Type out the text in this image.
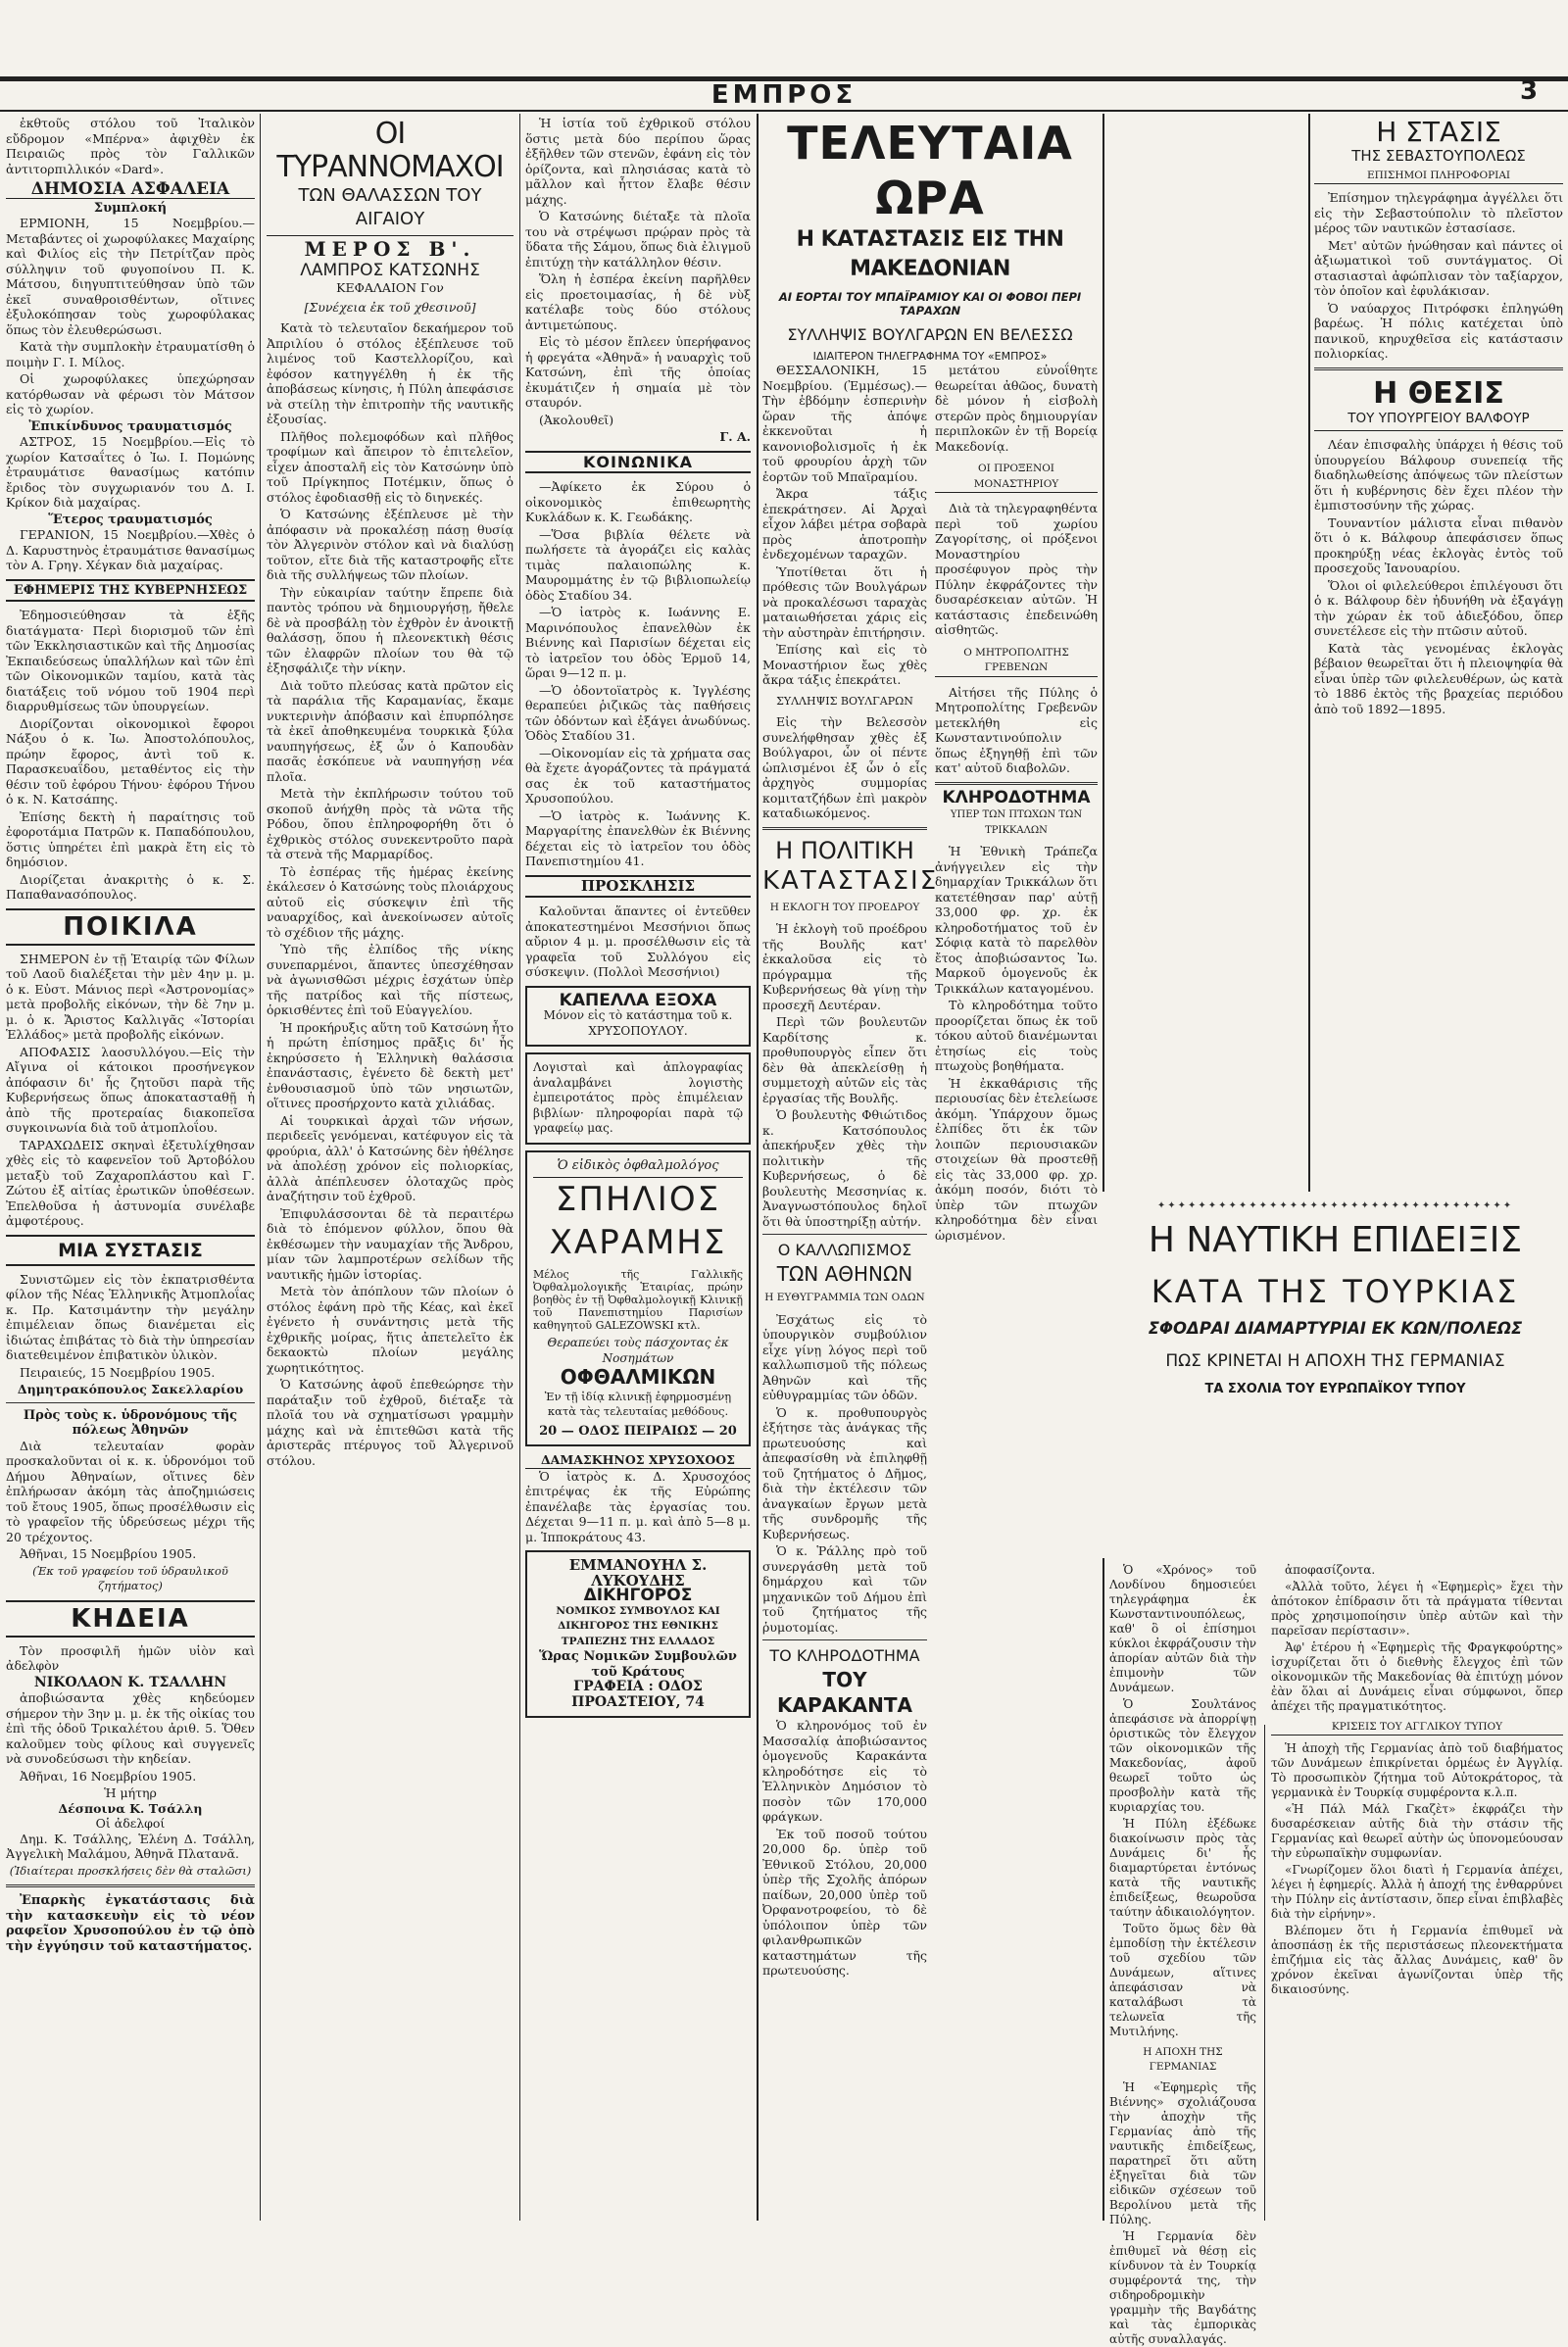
ΕΜΠΡΟΣ	3

ἐκθτοῦς στόλου τοῦ Ἰταλικὸν εὔδρομον «Μπέρνα» ἀφιχθὲν ἐκ Πειραιῶς πρὸς τὸν Γαλλικῶν ἀντιτορπιλλικόν «Dard».

ΔΗΜΟΣΙΑ ΑΣΦΑΛΕΙΑ
Συμπλοκή

ΕΡΜΙΟΝΗ, 15 Νοεμβρίου.—Μεταβάντες οἱ χωροφύλακες Μαχαίρης καὶ Φιλίος εἰς τὴν Πετρίτζαν πρὸς σύλληψιν τοῦ φυγοποίνου Π. Κ. Μάτσου, διηγυπτιτεύθησαν ὑπὸ τῶν ἐκεῖ συναθροισθέντων, οἵτινες ἐξυλοκόπησαν τοὺς χωροφύλακας ὅπως τὸν ἐλευθερώσωσι.

Κατὰ τὴν συμπλοκὴν ἐτραυματίσθη ὁ ποιμὴν Γ. Ι. Μίλος.

Οἱ χωροφύλακες ὑπεχώρησαν κατόρθωσαν νὰ φέρωσι τὸν Μάτσον εἰς τὸ χωρίον.

Ἐπικίνδυνος τραυματισμός

ΑΣΤΡΟΣ, 15 Νοεμβρίου.—Εἰς τὸ χωρίον Κατσαΐτες ὁ Ἰω. Ι. Πομώνης ἐτραυμάτισε θανασίμως κατόπιν ἔριδος τὸν συγχωριανόν του Δ. Ι. Κρίκον διὰ μαχαίρας.

Ἕτερος τραυματισμός

ΓΕΡΑΝΙΟΝ, 15 Νοεμβρίου.—Χθὲς ὁ Δ. Καρυστηνὸς ἐτραυμάτισε θανασίμως τὸν Α. Γρηγ. Χέγκαν διὰ μαχαίρας.

ΕΦΗΜΕΡΙΣ ΤΗΣ ΚΥΒΕΡΝΗΣΕΩΣ

Ἐδημοσιεύθησαν τὰ ἑξῆς διατάγματα· Περὶ διορισμοῦ τῶν ἐπὶ τῶν Ἐκκλησιαστικῶν καὶ τῆς Δημοσίας Ἐκπαιδεύσεως ὑπαλλήλων καὶ τῶν ἐπὶ τῶν Οἰκονομικῶν ταμίου, κατὰ τὰς διατάξεις τοῦ νόμου τοῦ 1904 περὶ διαρρυθμίσεως τῶν ὑπουργείων.

Διορίζονται οἰκονομικοὶ ἔφοροι Νάξου ὁ κ. Ἰω. Ἀποστολόπουλος, πρώην ἔφορος, ἀντὶ τοῦ κ. Παρασκευαΐδου, μεταθέντος εἰς τὴν θέσιν τοῦ ἐφόρου Τήνου· ἐφόρου Τήνου ὁ κ. Ν. Κατσάπης.

Ἐπίσης δεκτὴ ἡ παραίτησις τοῦ ἐφοροτάμια Πατρῶν κ. Παπαδόπουλου, ὅστις ὑπηρέτει ἐπὶ μακρὰ ἔτη εἰς τὸ δημόσιον.

Διορίζεται ἀνακριτὴς ὁ κ. Σ. Παπαθανασόπουλος.

ΠΟΙΚΙΛΑ

ΣΗΜΕΡΟΝ ἐν τῇ Ἑταιρίᾳ τῶν Φίλων τοῦ Λαοῦ διαλέξεται τὴν μὲν 4ην μ. μ. ὁ κ. Εὐστ. Μάνιος περὶ «Ἀστρονομίας» μετὰ προβολῆς εἰκόνων, τὴν δὲ 7ην μ. μ. ὁ κ. Ἄριστος Καλλιγᾶς «Ἱστορίαι Ἑλλάδος» μετὰ προβολῆς εἰκόνων.

ΑΠΟΦΑΣΙΣ λαοσυλλόγου.—Εἰς τὴν Αἴγινα οἱ κάτοικοι προσήνεγκον ἀπόφασιν δι' ἧς ζητοῦσι παρὰ τῆς Κυβερνήσεως ὅπως ἀποκατασταθῇ ἡ ἀπὸ τῆς προτεραίας διακοπεῖσα συγκοινωνία διὰ τοῦ ἀτμοπλοΐου.

ΤΑΡΑΧΩΔΕΙΣ σκηναὶ ἐξετυλίχθησαν χθὲς εἰς τὸ καφενεῖον τοῦ Ἀρτοβόλου μεταξὺ τοῦ Ζαχαροπλάστου καὶ Γ. Ζώτου ἐξ αἰτίας ἐρωτικῶν ὑποθέσεων. Ἐπελθοῦσα ἡ ἀστυνομία συνέλαβε ἀμφοτέρους.

ΜΙΑ ΣΥΣΤΑΣΙΣ

Συνιστῶμεν εἰς τὸν ἐκπατρισθέντα φίλον τῆς Νέας Ἑλληνικῆς Ἀτμοπλοΐας κ. Πρ. Κατσιμάντην τὴν μεγάλην ἐπιμέλειαν ὅπως διανέμεται εἰς ἰδιώτας ἐπιβάτας τὸ διὰ τὴν ὑπηρεσίαν διατεθειμένον ἐπιβατικὸν ὑλικὸν.

Πειραιεύς, 15 Νοεμβρίου 1905.

Δημητρακόπουλος Σακελλαρίου
Πρὸς τοὺς κ. ὑδρονόμους τῆς πόλεως Ἀθηνῶν

Διὰ τελευταίαν φορὰν προσκαλοῦνται οἱ κ. κ. ὑδρονόμοι τοῦ Δήμου Ἀθηναίων, οἵτινες δὲν ἐπλήρωσαν ἀκόμη τὰς ἀποζημιώσεις τοῦ ἔτους 1905, ὅπως προσέλθωσιν εἰς τὸ γραφεῖον τῆς ὑδρεύσεως μέχρι τῆς 20 τρέχοντος.

Ἀθῆναι, 15 Νοεμβρίου 1905.

(Ἐκ τοῦ γραφείου τοῦ ὑδραυλικοῦ ζητήματος)
ΚΗΔΕΙΑ

Τὸν προσφιλῆ ἡμῶν υἱὸν καὶ ἀδελφὸν

ΝΙΚΟΛΑΟΝ Κ. ΤΣΑΛΛΗΝ

ἀποβιώσαντα χθὲς κηδεύομεν σήμερον τὴν 3ην μ. μ. ἐκ τῆς οἰκίας του ἐπὶ τῆς ὁδοῦ Τρικαλέτου ἀριθ. 5. Ὅθεν καλοῦμεν τοὺς φίλους καὶ συγγενεῖς νὰ συνοδεύσωσι τὴν κηδείαν.

Ἀθῆναι, 16 Νοεμβρίου 1905.

Ἡ μήτηρ
Δέσποινα Κ. Τσάλλη
Οἱ ἀδελφοί

Δημ. Κ. Τσάλλης, Ἑλένη Δ. Τσάλλη, Ἀγγελικὴ Μαλάμου, Ἀθηνᾶ Πλατανᾶ.

(Ἰδιαίτεραι προσκλήσεις δὲν θὰ σταλῶσι)

Ἐπαρκὴς ἐγκατάστασις διὰ τὴν κατασκευὴν εἰς τὸ νέον ραφεῖον Χρυσοπούλου ἐν τῷ ὀπὸ τὴν ἐγγύησιν τοῦ καταστήματος.

ΟΙ ΤΥΡΑΝΝΟΜΑΧΟΙ
ΤΩΝ ΘΑΛΑΣΣΩΝ ΤΟΥ ΑΙΓΑΙΟΥ
ΜΕΡΟΣ Β'.
ΛΑΜΠΡΟΣ ΚΑΤΣΩΝΗΣ
ΚΕΦΑΛΑΙΟΝ Γον
[Συνέχεια ἐκ τοῦ χθεσινοῦ]

Κατὰ τὸ τελευταῖον δεκαήμερον τοῦ Ἀπριλίου ὁ στόλος ἐξέπλευσε τοῦ λιμένος τοῦ Καστελλορίζου, καὶ ἐφόσον κατηγγέλθη ἡ ἐκ τῆς ἀποβάσεως κίνησις, ἡ Πύλη ἀπεφάσισε νὰ στείλῃ τὴν ἐπιτροπὴν τῆς ναυτικῆς ἐξουσίας.

Πλῆθος πολεμοφόδων καὶ πλῆθος τροφίμων καὶ ἄπειρον τὸ ἐπιτελεῖον, εἶχεν ἀποσταλῆ εἰς τὸν Κατσώνην ὑπὸ τοῦ Πρίγκηπος Ποτέμκιν, ὅπως ὁ στόλος ἐφοδιασθῇ εἰς τὸ διηνεκές.

Ὁ Κατσώνης ἐξέπλευσε μὲ τὴν ἀπόφασιν νὰ προκαλέσῃ πάσῃ θυσίᾳ τὸν Ἀλγερινὸν στόλον καὶ νὰ διαλύσῃ τοῦτον, εἴτε διὰ τῆς καταστροφῆς εἴτε διὰ τῆς συλλήψεως τῶν πλοίων.

Τὴν εὐκαιρίαν ταύτην ἔπρεπε διὰ παντὸς τρόπου νὰ δημιουργήσῃ, ἤθελε δὲ νὰ προσβάλῃ τὸν ἐχθρὸν ἐν ἀνοικτῇ θαλάσσῃ, ὅπου ἡ πλεονεκτικὴ θέσις τῶν ἐλαφρῶν πλοίων του θὰ τῷ ἐξησφάλιζε τὴν νίκην.

Διὰ τοῦτο πλεύσας κατὰ πρῶτον εἰς τὰ παράλια τῆς Καραμανίας, ἔκαμε νυκτερινὴν ἀπόβασιν καὶ ἐπυρπόλησε τὰ ἐκεῖ ἀποθηκευμένα τουρκικὰ ξύλα ναυπηγήσεως, ἐξ ὧν ὁ Καπουδὰν πασᾶς ἐσκόπευε νὰ ναυπηγήσῃ νέα πλοῖα.

Μετὰ τὴν ἐκπλήρωσιν τούτου τοῦ σκοποῦ ἀνήχθη πρὸς τὰ νῶτα τῆς Ρόδου, ὅπου ἐπληροφορήθη ὅτι ὁ ἐχθρικὸς στόλος συνεκεντροῦτο παρὰ τὰ στενὰ τῆς Μαρμαρίδος.

Τὸ ἐσπέρας τῆς ἡμέρας ἐκείνης ἐκάλεσεν ὁ Κατσώνης τοὺς πλοιάρχους αὐτοῦ εἰς σύσκεψιν ἐπὶ τῆς ναυαρχίδος, καὶ ἀνεκοίνωσεν αὐτοῖς τὸ σχέδιον τῆς μάχης.

Ὑπὸ τῆς ἐλπίδος τῆς νίκης συνεπαρμένοι, ἅπαντες ὑπεσχέθησαν νὰ ἀγωνισθῶσι μέχρις ἐσχάτων ὑπὲρ τῆς πατρίδος καὶ τῆς πίστεως, ὁρκισθέντες ἐπὶ τοῦ Εὐαγγελίου.

Ἡ προκήρυξις αὕτη τοῦ Κατσώνη ἦτο ἡ πρώτη ἐπίσημος πρᾶξις δι' ἧς ἐκηρύσσετο ἡ Ἑλληνικὴ θαλάσσια ἐπανάστασις, ἐγένετο δὲ δεκτὴ μετ' ἐνθουσιασμοῦ ὑπὸ τῶν νησιωτῶν, οἵτινες προσήρχοντο κατὰ χιλιάδας.

Αἱ τουρκικαὶ ἀρχαὶ τῶν νήσων, περιδεεῖς γενόμεναι, κατέφυγον εἰς τὰ φρούρια, ἀλλ' ὁ Κατσώνης δὲν ἠθέλησε νὰ ἀπολέσῃ χρόνον εἰς πολιορκίας, ἀλλὰ ἀπέπλευσεν ὁλοταχῶς πρὸς ἀναζήτησιν τοῦ ἐχθροῦ.

Ἐπιφυλάσσονται δὲ τὰ περαιτέρω διὰ τὸ ἑπόμενον φύλλον, ὅπου θὰ ἐκθέσωμεν τὴν ναυμαχίαν τῆς Ἄνδρου, μίαν τῶν λαμπροτέρων σελίδων τῆς ναυτικῆς ἡμῶν ἱστορίας.

Μετὰ τὸν ἀπόπλουν τῶν πλοίων ὁ στόλος ἐφάνη πρὸ τῆς Κέας, καὶ ἐκεῖ ἐγένετο ἡ συνάντησις μετὰ τῆς ἐχθρικῆς μοίρας, ἥτις ἀπετελεῖτο ἐκ δεκαοκτὼ πλοίων μεγάλης χωρητικότητος.

Ὁ Κατσώνης ἀφοῦ ἐπεθεώρησε τὴν παράταξιν τοῦ ἐχθροῦ, διέταξε τὰ πλοῖά του νὰ σχηματίσωσι γραμμὴν μάχης καὶ νὰ ἐπιτεθῶσι κατὰ τῆς ἀριστερᾶς πτέρυγος τοῦ Ἀλγερινοῦ στόλου.

Ἡ ἱστία τοῦ ἐχθρικοῦ στόλου ὅστις μετὰ δύο περίπου ὥρας ἐξῆλθεν τῶν στενῶν, ἐφάνη εἰς τὸν ὁρίζοντα, καὶ πλησιάσας κατὰ τὸ μᾶλλον καὶ ἧττον ἔλαβε θέσιν μάχης.

Ὁ Κατσώνης διέταξε τὰ πλοῖα του νὰ στρέψωσι πρῴραν πρὸς τὰ ὕδατα τῆς Σάμου, ὅπως διὰ ἐλιγμοῦ ἐπιτύχῃ τὴν κατάλληλον θέσιν.

Ὅλη ἡ ἐσπέρα ἐκείνη παρῆλθεν εἰς προετοιμασίας, ἡ δὲ νὺξ κατέλαβε τοὺς δύο στόλους ἀντιμετώπους.

Εἰς τὸ μέσον ἔπλεεν ὑπερήφανος ἡ φρεγάτα «Ἀθηνᾶ» ἡ ναυαρχὶς τοῦ Κατσώνη, ἐπὶ τῆς ὁποίας ἐκυμάτιζεν ἡ σημαία μὲ τὸν σταυρόν.

(Ἀκολουθεῖ)

Γ. Α.
ΚΟΙΝΩΝΙΚΑ

—Ἀφίκετο ἐκ Σύρου ὁ οἰκονομικὸς ἐπιθεωρητὴς Κυκλάδων κ. Κ. Γεωδάκης.

—Ὅσα βιβλία θέλετε νὰ πωλήσετε τὰ ἀγοράζει εἰς καλὰς τιμὰς παλαιοπώλης κ. Μαυρομμάτης ἐν τῷ βιβλιοπωλείῳ ὁδὸς Σταδίου 34.

—Ὁ ἰατρὸς κ. Ιωάννης Ε. Μαρινόπουλος ἐπανελθὼν ἐκ Βιέννης καὶ Παρισίων δέχεται εἰς τὸ ἰατρεῖον του ὁδὸς Ἑρμοῦ 14, ὥραι 9—12 π. μ.

—Ὁ ὀδοντοϊατρὸς κ. Ἰγγλέσης θεραπεύει ῥιζικῶς τὰς παθήσεις τῶν ὀδόντων καὶ ἐξάγει ἀνωδύνως. Ὁδὸς Σταδίου 31.

—Οἰκονομίαν εἰς τὰ χρήματα σας θὰ ἔχετε ἀγοράζοντες τὰ πράγματά σας ἐκ τοῦ καταστήματος Χρυσοπούλου.

—Ὁ ἰατρὸς κ. Ἰωάννης Κ. Μαργαρίτης ἐπανελθὼν ἐκ Βιέννης δέχεται εἰς τὸ ἰατρεῖον του ὁδὸς Πανεπιστημίου 41.

ΠΡΟΣΚΛΗΣΙΣ

Καλοῦνται ἅπαντες οἱ ἐντεῦθεν ἀποκατεστημένοι Μεσσήνιοι ὅπως αὔριον 4 μ. μ. προσέλθωσιν εἰς τὰ γραφεῖα τοῦ Συλλόγου εἰς σύσκεψιν. (Πολλοὶ Μεσσήνιοι)

ΚΑΠΕΛΛΑ ΕΞΟΧΑ
Μόνον εἰς τὸ κατάστημα τοῦ κ. ΧΡΥΣΟΠΟΥΛΟΥ.
Λογισταὶ καὶ ἀπλογραφίας ἀναλαμβάνει λογιστὴς ἐμπειροτάτος πρὸς ἐπιμέλειαν βιβλίων· πληροφορίαι παρὰ τῷ γραφείῳ μας.
Ὁ εἰδικὸς ὀφθαλμολόγος
ΣΠΗΛΙΟΣ
ΧΑΡΑΜΗΣ
Μέλος τῆς Γαλλικῆς Ὀφθαλμολογικῆς Ἑταιρίας, πρώην βοηθὸς ἐν τῇ Ὀφθαλμολογικῇ Κλινικῇ τοῦ Πανεπιστημίου Παρισίων καθηγητοῦ GALEZOWSKI κτλ.
Θεραπεύει τοὺς πάσχοντας ἐκ Νοσημάτων
ΟΦΘΑΛΜΙΚΩΝ
Ἐν τῇ ἰδίᾳ κλινικῇ ἐφηρμοσμένῃ κατὰ τὰς τελευταίας μεθόδους.
20 — ΟΔΟΣ ΠΕΙΡΑΙΩΣ — 20
ΔΑΜΑΣΚΗΝΟΣ ΧΡΥΣΟΧΟΟΣ

Ὁ ἰατρὸς κ. Δ. Χρυσοχόος ἐπιτρέψας ἐκ τῆς Εὐρώπης ἐπανέλαβε τὰς ἐργασίας του. Δέχεται 9—11 π. μ. καὶ ἀπὸ 5—8 μ. μ. Ἱπποκράτους 43.

ΕΜΜΑΝΟΥΗΛ Σ. ΛΥΚΟΥΔΗΣ
ΔΙΚΗΓΟΡΟΣ
ΝΟΜΙΚΟΣ ΣΥΜΒΟΥΛΟΣ ΚΑΙ ΔΙΚΗΓΟΡΟΣ ΤΗΣ ΕΘΝΙΚΗΣ ΤΡΑΠΕΖΗΣ ΤΗΣ ΕΛΛΑΔΟΣ
Ὥρας Νομικῶν Συμβουλῶν τοῦ Κράτους
ΓΡΑΦΕΙΑ : ΟΔΟΣ ΠΡΟΑΣΤΕΙΟΥ, 74
ΤΕΛΕΥΤΑΙΑ ΩΡΑ
Η ΚΑΤΑΣΤΑΣΙΣ ΕΙΣ ΤΗΝ ΜΑΚΕΔΟΝΙΑΝ
ΑΙ ΕΟΡΤΑΙ ΤΟΥ ΜΠΑΪΡΑΜΙΟΥ ΚΑΙ ΟΙ ΦΟΒΟΙ ΠΕΡΙ ΤΑΡΑΧΩΝ
ΣΥΛΛΗΨΙΣ ΒΟΥΛΓΑΡΩΝ ΕΝ ΒΕΛΕΣΣΩ
ΙΔΙΑΙΤΕΡΟΝ ΤΗΛΕΓΡΑΦΗΜΑ ΤΟΥ «ΕΜΠΡΟΣ»

ΘΕΣΣΑΛΟΝΙΚΗ, 15 Νοεμβρίου. (Ἐμμέσως).—Τὴν ἑβδόμην ἑσπερινὴν ὥραν τῆς ἀπόψε ἐκκενοῦται ἡ κανονιοβολισμοῖς ἡ ἐκ τοῦ φρουρίου ἀρχὴ τῶν ἑορτῶν τοῦ Μπαϊραμίου.

Ἄκρα τάξις ἐπεκράτησεν. Αἱ Ἀρχαὶ εἶχον λάβει μέτρα σοβαρὰ πρὸς ἀποτροπὴν ἐνδεχομένων ταραχῶν.

Ὑποτίθεται ὅτι ἡ πρόθεσις τῶν Βουλγάρων νὰ προκαλέσωσι ταραχὰς ματαιωθήσεται χάρις εἰς τὴν αὐστηρὰν ἐπιτήρησιν.

Ἐπίσης καὶ εἰς τὸ Μοναστήριον ἔως χθὲς ἄκρα τάξις ἐπεκράτει.

ΣΥΛΛΗΨΙΣ ΒΟΥΛΓΑΡΩΝ

Εἰς τὴν Βελεσσὸν συνελήφθησαν χθὲς ἐξ Βούλγαροι, ὧν οἱ πέντε ὡπλισμένοι ἐξ ὧν ὁ εἷς ἀρχηγὸς συμμορίας κομιτατζήδων ἐπὶ μακρὸν καταδιωκόμενος.

Η ΠΟΛΙΤΙΚΗ
ΚΑΤΑΣΤΑΣΙΣ
Η ΕΚΛΟΓΗ ΤΟΥ ΠΡΟΕΔΡΟΥ

Ἡ ἐκλογὴ τοῦ προέδρου τῆς Βουλῆς κατ' ἐκκαλοῦσα εἰς τὸ πρόγραμμα τῆς Κυβερνήσεως θὰ γίνῃ τὴν προσεχῆ Δευτέραν.

Περὶ τῶν βουλευτῶν Καρδίτσης κ. προθυπουργὸς εἶπεν ὅτι δὲν θὰ ἀπεκλείσθῃ ἡ συμμετοχὴ αὐτῶν εἰς τὰς ἐργασίας τῆς Βουλῆς.

Ὁ βουλευτὴς Φθιώτιδος κ. Κατσόπουλος ἀπεκήρυξεν χθὲς τὴν πολιτικὴν τῆς Κυβερνήσεως, ὁ δὲ βουλευτὴς Μεσσηνίας κ. Ἀναγνωστόπουλος δηλοῖ ὅτι θὰ ὑποστηρίξῃ αὐτήν.

Ο ΚΑΛΛΩΠΙΣΜΟΣ
ΤΩΝ ΑΘΗΝΩΝ
Η ΕΥΘΥΓΡΑΜΜΙΑ ΤΩΝ ΟΔΩΝ

Ἐσχάτως εἰς τὸ ὑπουργικὸν συμβούλιον εἶχε γίνῃ λόγος περὶ τοῦ καλλωπισμοῦ τῆς πόλεως Ἀθηνῶν καὶ τῆς εὐθυγραμμίας τῶν ὁδῶν.

Ὁ κ. προθυπουργὸς ἐξήτησε τὰς ἀνάγκας τῆς πρωτευούσης καὶ ἀπεφασίσθη νὰ ἐπιληφθῇ τοῦ ζητήματος ὁ Δῆμος, διὰ τὴν ἐκτέλεσιν τῶν ἀναγκαίων ἔργων μετὰ τῆς συνδρομῆς τῆς Κυβερνήσεως.

Ὁ κ. Ῥάλλης πρὸ τοῦ συνεργάσθη μετὰ τοῦ δημάρχου καὶ τῶν μηχανικῶν τοῦ Δήμου ἐπὶ τοῦ ζητήματος τῆς ῥυμοτομίας.

ΤΟ ΚΛΗΡΟΔΟΤΗΜΑ
ΤΟΥ ΚΑΡΑΚΑΝΤΑ

Ὁ κληρονόμος τοῦ ἐν Μασσαλίᾳ ἀποβιώσαντος ὁμογενοῦς Καρακάντα κληροδότησε εἰς τὸ Ἑλληνικὸν Δημόσιον τὸ ποσὸν τῶν 170,000 φράγκων.

Ἐκ τοῦ ποσοῦ τούτου 20,000 δρ. ὑπὲρ τοῦ Ἐθνικοῦ Στόλου, 20,000 ὑπὲρ τῆς Σχολῆς ἀπόρων παίδων, 20,000 ὑπὲρ τοῦ Ὀρφανοτροφείου, τὸ δὲ ὑπόλοιπον ὑπὲρ τῶν φιλανθρωπικῶν καταστημάτων τῆς πρωτευούσης.

μετάτου εὐνοΐθητε θεωρείται ἀθῶος, δυνατὴ δὲ μόνον ἡ εἰσβολὴ στερῶν πρὸς δημιουργίαν περιπλοκῶν ἐν τῇ Βορείᾳ Μακεδονίᾳ.

ΟΙ ΠΡΟΞΕΝΟΙ ΜΟΝΑΣΤΗΡΙΟΥ

Διὰ τὰ τηλεγραφηθέντα περὶ τοῦ χωρίου Ζαγορίτσης, οἱ πρόξενοι Μοναστηρίου προσέφυγον πρὸς τὴν Πύλην ἐκφράζοντες τὴν δυσαρέσκειαν αὐτῶν. Ἡ κατάστασις ἐπεδεινώθη αἰσθητῶς.

Ο ΜΗΤΡΟΠΟΛΙΤΗΣ ΓΡΕΒΕΝΩΝ

Αἰτήσει τῆς Πύλης ὁ Μητροπολίτης Γρεβενῶν μετεκλήθη εἰς Κωνσταντινούπολιν ὅπως ἐξηγηθῇ ἐπὶ τῶν κατ' αὐτοῦ διαβολῶν.

ΚΛΗΡΟΔΟΤΗΜΑ
ΥΠΕΡ ΤΩΝ ΠΤΩΧΩΝ ΤΩΝ ΤΡΙΚΚΑΛΩΝ

Ἡ Ἐθνικὴ Τράπεζα ἀνήγγειλεν εἰς τὴν δημαρχίαν Τρικκάλων ὅτι κατετέθησαν παρ' αὐτῇ 33,000 φρ. χρ. ἐκ κληροδοτήματος τοῦ ἐν Σόφιᾳ κατὰ τὸ παρελθὸν ἔτος ἀποβιώσαντος Ἰω. Μαρκοῦ ὁμογενοῦς ἐκ Τρικκάλων καταγομένου.

Τὸ κληροδότημα τοῦτο προορίζεται ὅπως ἐκ τοῦ τόκου αὐτοῦ διανέμωνται ἐτησίως εἰς τοὺς πτωχοὺς βοηθήματα.

Ἡ ἐκκαθάρισις τῆς περιουσίας δὲν ἐτελείωσε ἀκόμη. Ὑπάρχουν ὅμως ἐλπίδες ὅτι ἐκ τῶν λοιπῶν περιουσιακῶν στοιχείων θὰ προστεθῇ εἰς τὰς 33,000 φρ. χρ. ἀκόμη ποσόν, διότι τὸ ὑπὲρ τῶν πτωχῶν κληροδότημα δὲν εἶναι ὡρισμένον.

Η ΣΤΑΣΙΣ
ΤΗΣ ΣΕΒΑΣΤΟΥΠΟΛΕΩΣ
ΕΠΙΣΗΜΟΙ ΠΛΗΡΟΦΟΡΙΑΙ

Ἐπίσημον τηλεγράφημα ἀγγέλλει ὅτι εἰς τὴν Σεβαστούπολιν τὸ πλεῖστον μέρος τῶν ναυτικῶν ἐστασίασε.

Μετ' αὐτῶν ἡνώθησαν καὶ πάντες οἱ ἀξιωματικοὶ τοῦ συντάγματος. Οἱ στασιασταὶ ἀφώπλισαν τὸν ταξίαρχον, τὸν ὁποῖον καὶ ἐφυλάκισαν.

Ὁ ναύαρχος Πιτρόφσκι ἐπληγώθη βαρέως. Ἡ πόλις κατέχεται ὑπὸ πανικοῦ, κηρυχθεῖσα εἰς κατάστασιν πολιορκίας.

Η ΘΕΣΙΣ
ΤΟΥ ΥΠΟΥΡΓΕΙΟΥ ΒΑΛΦΟΥΡ

Λέαν ἐπισφαλὴς ὑπάρχει ἡ θέσις τοῦ ὑπουργείου Βάλφουρ συνεπείᾳ τῆς διαδηλωθείσης ἀπόψεως τῶν πλείστων ὅτι ἡ κυβέρνησις δὲν ἔχει πλέον τὴν ἐμπιστοσύνην τῆς χώρας.

Τουναντίον μάλιστα εἶναι πιθανὸν ὅτι ὁ κ. Βάλφουρ ἀπεφάσισεν ὅπως προκηρύξῃ νέας ἐκλογὰς ἐντὸς τοῦ προσεχοῦς Ἰανουαρίου.

Ὅλοι οἱ φιλελεύθεροι ἐπιλέγουσι ὅτι ὁ κ. Βάλφουρ δὲν ἠδυνήθη νὰ ἐξαγάγῃ τὴν χώραν ἐκ τοῦ ἀδιεξόδου, ὅπερ συνετέλεσε εἰς τὴν πτῶσιν αὐτοῦ.

Κατὰ τὰς γενομένας ἐκλογὰς βέβαιον θεωρεῖται ὅτι ἡ πλειοψηφία θὰ εἶναι ὑπὲρ τῶν φιλελευθέρων, ὡς κατὰ τὸ 1886 ἐκτὸς τῆς βραχείας περιόδου ἀπὸ τοῦ 1892—1895.

✦✦✦✦✦✦✦✦✦✦✦✦✦✦✦✦✦✦✦✦✦✦✦✦✦✦✦✦✦✦✦✦✦✦✦
Η ΝΑΥΤΙΚΗ ΕΠΙΔΕΙΞΙΣ
ΚΑΤΑ ΤΗΣ ΤΟΥΡΚΙΑΣ
ΣΦΟΔΡΑΙ ΔΙΑΜΑΡΤΥΡΙΑΙ ΕΚ ΚΩΝ/ΠΟΛΕΩΣ
ΠΩΣ ΚΡΙΝΕΤΑΙ Η ΑΠΟΧΗ ΤΗΣ ΓΕΡΜΑΝΙΑΣ
ΤΑ ΣΧΟΛΙΑ ΤΟΥ ΕΥΡΩΠΑΪΚΟΥ ΤΥΠΟΥ

Ὁ «Χρόνος» τοῦ Λονδίνου δημοσιεύει τηλεγράφημα ἐκ Κωνσταντινουπόλεως, καθ' ὃ οἱ ἐπίσημοι κύκλοι ἐκφράζουσιν τὴν ἀπορίαν αὐτῶν διὰ τὴν ἐπιμονὴν τῶν Δυνάμεων.

Ὁ Σουλτάνος ἀπεφάσισε νὰ ἀπορρίψῃ ὁριστικῶς τὸν ἔλεγχον τῶν οἰκονομικῶν τῆς Μακεδονίας, ἀφοῦ θεωρεῖ τοῦτο ὡς προσβολὴν κατὰ τῆς κυριαρχίας του.

Ἡ Πύλη ἐξέδωκε διακοίνωσιν πρὸς τὰς Δυνάμεις δι' ἧς διαμαρτύρεται ἐντόνως κατὰ τῆς ναυτικῆς ἐπιδείξεως, θεωροῦσα ταύτην ἀδικαιολόγητον.

Τοῦτο ὅμως δὲν θὰ ἐμποδίσῃ τὴν ἐκτέλεσιν τοῦ σχεδίου τῶν Δυνάμεων, αἵτινες ἀπεφάσισαν νὰ καταλάβωσι τὰ τελωνεῖα τῆς Μυτιλήνης.

Η ΑΠΟΧΗ ΤΗΣ ΓΕΡΜΑΝΙΑΣ

Ἡ «Ἐφημερὶς τῆς Βιέννης» σχολιάζουσα τὴν ἀποχὴν τῆς Γερμανίας ἀπὸ τῆς ναυτικῆς ἐπιδείξεως, παρατηρεῖ ὅτι αὕτη ἐξηγεῖται διὰ τῶν εἰδικῶν σχέσεων τοῦ Βερολίνου μετὰ τῆς Πύλης.

Ἡ Γερμανία δὲν ἐπιθυμεῖ νὰ θέσῃ εἰς κίνδυνον τὰ ἐν Τουρκίᾳ συμφέροντά της, τὴν σιδηροδρομικὴν γραμμὴν τῆς Βαγδάτης καὶ τὰς ἐμπορικὰς αὐτῆς συναλλαγάς.

ἀποφασίζοντα.

«Ἀλλὰ τοῦτο, λέγει ἡ «Ἐφημερὶς» ἔχει τὴν ἀπότοκον ἐπίδρασιν ὅτι τὰ πράγματα τίθενται πρὸς χρησιμοποίησιν ὑπὲρ αὐτῶν καὶ τὴν παρεῖσαν περίστασιν».

Ἀφ' ἑτέρου ἡ «Ἐφημερὶς τῆς Φραγκφούρτης» ἰσχυρίζεται ὅτι ὁ διεθνὴς ἔλεγχος ἐπὶ τῶν οἰκονομικῶν τῆς Μακεδονίας θὰ ἐπιτύχῃ μόνον ἐὰν ὅλαι αἱ Δυνάμεις εἶναι σύμφωνοι, ὅπερ ἀπέχει τῆς πραγματικότητος.

ΚΡΙΣΕΙΣ ΤΟΥ ΑΓΓΛΙΚΟΥ ΤΥΠΟΥ

Ἡ ἀποχὴ τῆς Γερμανίας ἀπὸ τοῦ διαβήματος τῶν Δυνάμεων ἐπικρίνεται ὁρμέως ἐν Ἀγγλίᾳ. Τὸ προσωπικὸν ζήτημα τοῦ Αὐτοκράτορος, τὰ γερμανικὰ ἐν Τουρκίᾳ συμφέροντα κ.λ.π.

«Ἡ Πάλ Μάλ Γκαζὲτ» ἐκφράζει τὴν δυσαρέσκειαν αὐτῆς διὰ τὴν στάσιν τῆς Γερμανίας καὶ θεωρεῖ αὐτὴν ὡς ὑπονομεύουσαν τὴν εὐρωπαϊκὴν συμφωνίαν.

«Γνωρίζομεν ὅλοι διατὶ ἡ Γερμανία ἀπέχει, λέγει ἡ ἐφημερίς. Ἀλλὰ ἡ ἀποχή της ἐνθαρρύνει τὴν Πύλην εἰς ἀντίστασιν, ὅπερ εἶναι ἐπιβλαβὲς διὰ τὴν εἰρήνην».

Βλέπομεν ὅτι ἡ Γερμανία ἐπιθυμεῖ νὰ ἀποσπάσῃ ἐκ τῆς περιστάσεως πλεονεκτήματα ἐπιζήμια εἰς τὰς ἄλλας Δυνάμεις, καθ' ὃν χρόνον ἐκεῖναι ἀγωνίζονται ὑπὲρ τῆς δικαιοσύνης.
